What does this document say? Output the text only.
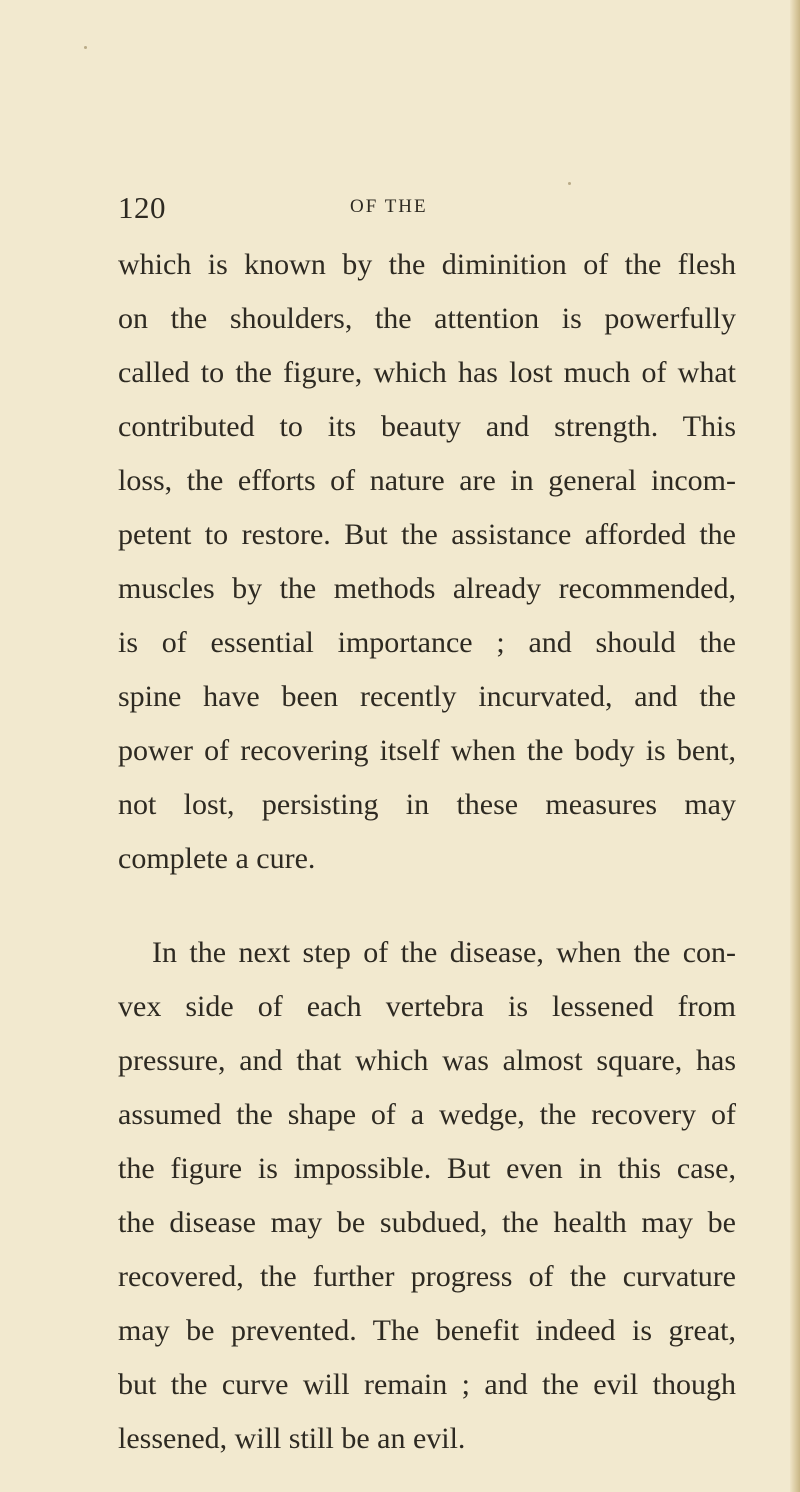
120	OF THE
which is known by the diminition of the flesh
on the shoulders, the attention is powerfully
called to the figure, which has lost much of what
contributed to its beauty and strength. This
loss, the efforts of nature are in general incom-
petent to restore. But the assistance afforded the
muscles by the methods already recommended,
is of essential importance ; and should the
spine have been recently incurvated, and the
power of recovering itself when the body is bent,
not lost, persisting in these measures may
complete a cure.
In the next step of the disease, when the con-
vex side of each vertebra is lessened from
pressure, and that which was almost square, has
assumed the shape of a wedge, the recovery of
the figure is impossible. But even in this case,
the disease may be subdued, the health may be
recovered, the further progress of the curvature
may be prevented. The benefit indeed is great,
but the curve will remain ; and the evil though
lessened, will still be an evil.
